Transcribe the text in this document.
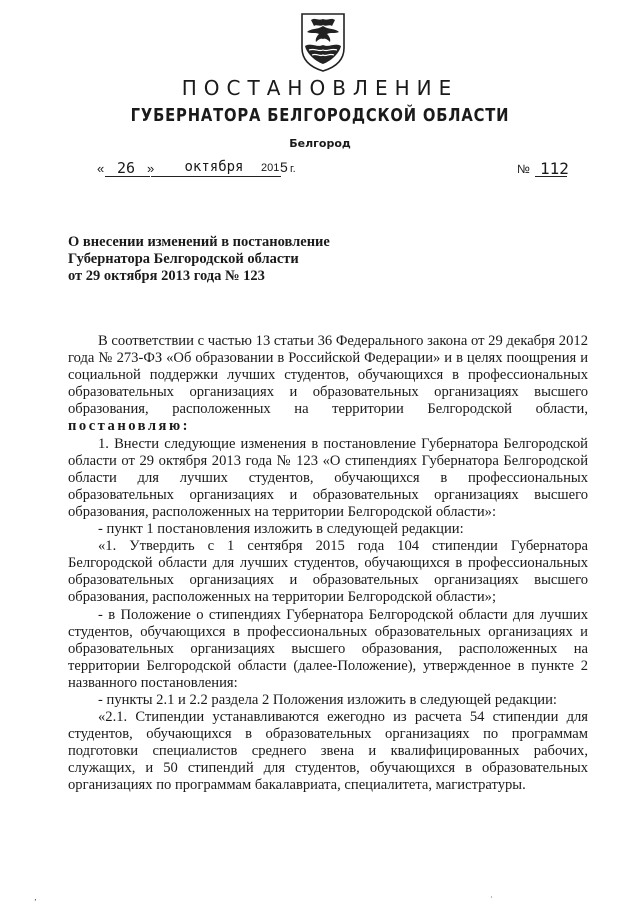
ПОСТАНОВЛЕНИЕ
ГУБЕРНАТОРА БЕЛГОРОДСКОЙ ОБЛАСТИ
Белгород
« 26 »	октября	201 5 г.	№ 112
О внесении изменений в постановление
Губернатора Белгородской области
от 29 октября 2013 года № 123

В соответствии с частью 13 статьи 36 Федерального закона от 29 декабря 2012 года № 273-ФЗ «Об образовании в Российской Федерации» и в целях поощрения и социальной поддержки лучших студентов, обучающихся в профессиональных образовательных организациях и образовательных организациях высшего образования, расположенных на территории Белгородской области, постановляю:

1. Внести следующие изменения в постановление Губернатора Белгородской области от 29 октября 2013 года № 123 «О стипендиях Губернатора Белгородской области для лучших студентов, обучающихся в профессиональных образовательных организациях и образовательных организациях высшего образования, расположенных на территории Белгородской области»:

- пункт 1 постановления изложить в следующей редакции:

«1. Утвердить с 1 сентября 2015 года 104 стипендии Губернатора Белгородской области для лучших студентов, обучающихся в профессиональных образовательных организациях и образовательных организациях высшего образования, расположенных на территории Белгородской области»;

- в Положение о стипендиях Губернатора Белгородской области для лучших студентов, обучающихся в профессиональных образовательных организациях и образовательных организациях высшего образования, расположенных на территории Белгородской области (далее-Положение), утвержденное в пункте 2 названного постановления:

- пункты 2.1 и 2.2 раздела 2 Положения изложить в следующей редакции:

«2.1. Стипендии устанавливаются ежегодно из расчета 54 стипендии для студентов, обучающихся в образовательных организациях по программам подготовки специалистов среднего звена и квалифицированных рабочих, служащих, и 50 стипендий для студентов, обучающихся в образовательных организациях по программам бакалавриата, специалитета, магистратуры.

‚	·
